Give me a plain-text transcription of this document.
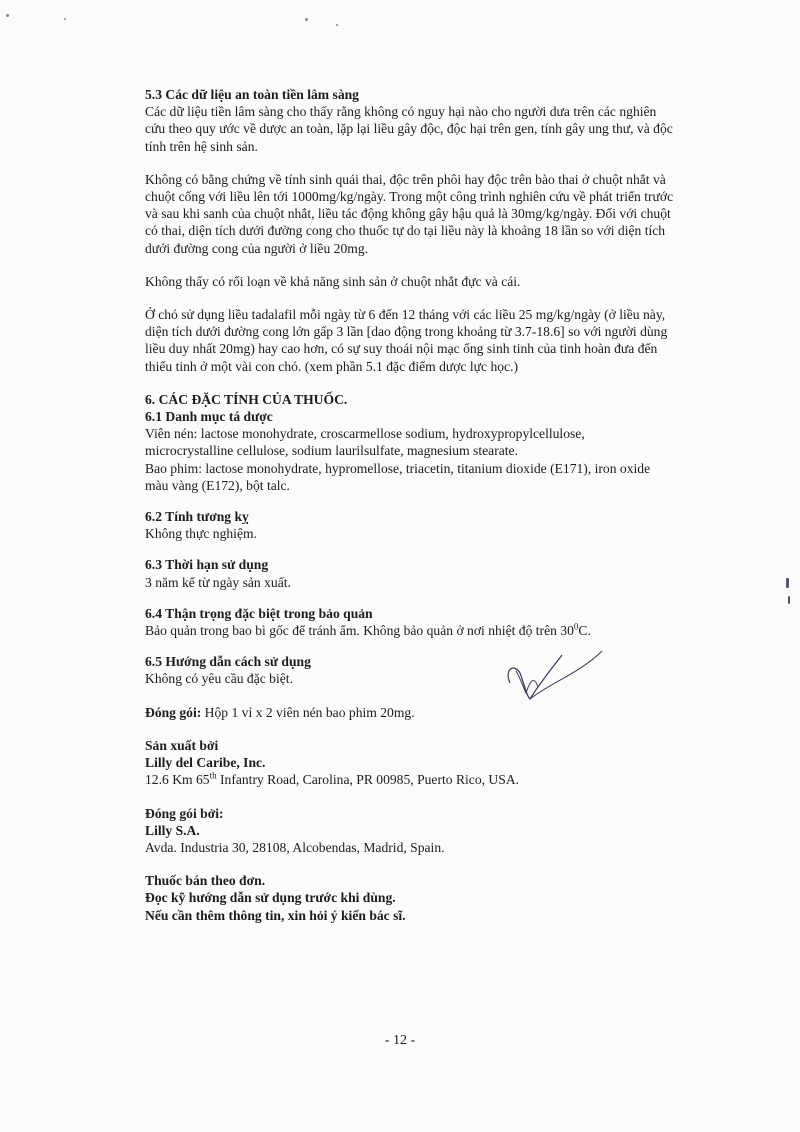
5.3 Các dữ liệu an toàn tiền lâm sàng
Các dữ liệu tiền lâm sàng cho thấy rằng không có nguy hại nào cho người dưa trên các nghiên cứu theo quy ước về dược an toàn, lặp lại liều gây độc, độc hại trên gen, tính gây ung thư, và độc tính trên hệ sinh sản.
Không có bằng chứng về tính sinh quái thai, độc trên phôi hay độc trên bào thai ở chuột nhắt và chuột cống với liều lên tới 1000mg/kg/ngày. Trong một công trình nghiên cứu về phát triển trước và sau khi sanh của chuột nhắt, liều tác động không gây hậu quả là 30mg/kg/ngày. Đối với chuột có thai, diện tích dưới đường cong cho thuốc tự do tại liều này là khoảng 18 lần so với diện tích dưới đường cong của người ở liều 20mg.
Không thấy có rối loạn về khả năng sinh sản ở chuột nhắt đực và cái.
Ở chó sử dụng liều tadalafil mỗi ngày từ 6 đến 12 tháng với các liều 25 mg/kg/ngày (ở liều này, diện tích dưới đường cong lớn gấp 3 lần [dao động trong khoảng từ 3.7-18.6] so với người dùng liều duy nhất 20mg) hay cao hơn, có sự suy thoái nội mạc ống sinh tinh của tinh hoàn đưa đến thiểu tinh ở một vài con chó. (xem phần 5.1 đặc điểm dược lực học.)
6. CÁC ĐẶC TÍNH CỦA THUỐC.
6.1 Danh mục tá dược
Viên nén: lactose monohydrate, croscarmellose sodium, hydroxypropylcellulose, microcrystalline cellulose, sodium laurilsulfate, magnesium stearate.
Bao phim: lactose monohydrate, hypromellose, triacetin, titanium dioxide (E171), iron oxide màu vàng (E172), bột talc.
6.2 Tính tương kỵ
Không thực nghiệm.
6.3 Thời hạn sử dụng
3 năm kể từ ngày sản xuất.
6.4 Thận trọng đặc biệt trong bảo quản
Bảo quản trong bao bì gốc để tránh ẩm. Không bảo quản ở nơi nhiệt độ trên $30^0C$.
6.5 Hướng dẫn cách sử dụng
Không có yêu cầu đặc biệt.
Đóng gói: Hộp 1 vỉ x 2 viên nén bao phim 20mg.
Sản xuất bởi
Lilly del Caribe, Inc.
12.6 Km 65th Infantry Road, Carolina, PR 00985, Puerto Rico, USA.
Đóng gói bởi:
Lilly S.A.
Avda. Industria 30, 28108, Alcobendas, Madrid, Spain.
Thuốc bán theo đơn.
Đọc kỹ hướng dẫn sử dụng trước khi dùng.
Nếu cần thêm thông tin, xin hỏi ý kiến bác sĩ.
- 12 -
